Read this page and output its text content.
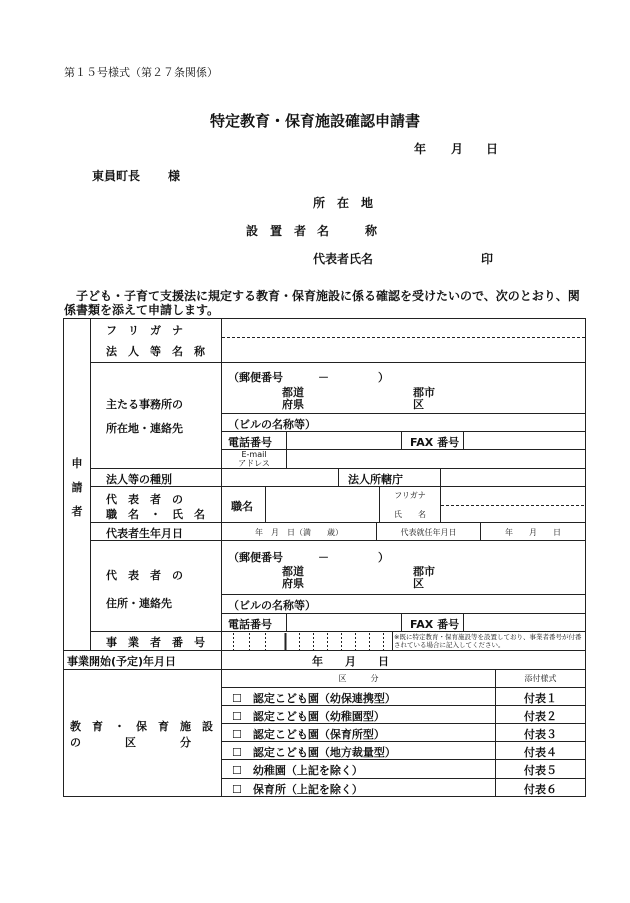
第１５号様式（第２７条関係）
特定教育・保育施設確認申請書
年 月 日
東員町長 様
所　在　地
設　置　者 名	称
代表者氏名	印
　子ども・子育て支援法に規定する教育・保育施設に係る確認を受けたいので、次のとおり、関係書類を添えて申請します。
申
請
者
フ　リ　ガ　ナ
法　人　等　名　称
主たる事務所の
所在地・連絡先
（郵便番号	－	）
都道
府県
郡市
区
（ビルの名称等）
電話番号	FAX 番号
E-mail
アドレス
法人等の種別	法人所轄庁
代　表　者　の
職　名　・　氏　名
職名
フリガナ
氏　　名
代表者生年月日	年　月　日（満　　歳）	代表就任年月日	年　　月　　日
代　表　者　の
住所・連絡先
（郵便番号	－	）
都道
府県
郡市
区
（ビルの名称等）
電話番号	FAX 番号
事　業　者　番　号	※既に特定教育・保育施設等を設置しており、事業者番号が付番されている場合に記入してください。
事業開始(予定)年月日	年　　月　　日
教　育　・　保　育　施　設
の　　　　区　　　　分
区　　　分	添付様式
☐　認定こども園（幼保連携型）	付表１
☐　認定こども園（幼稚園型）	付表２
☐　認定こども園（保育所型）	付表３
☐　認定こども園（地方裁量型）	付表４
☐　幼稚園（上記を除く）	付表５
☐　保育所（上記を除く）	付表６
